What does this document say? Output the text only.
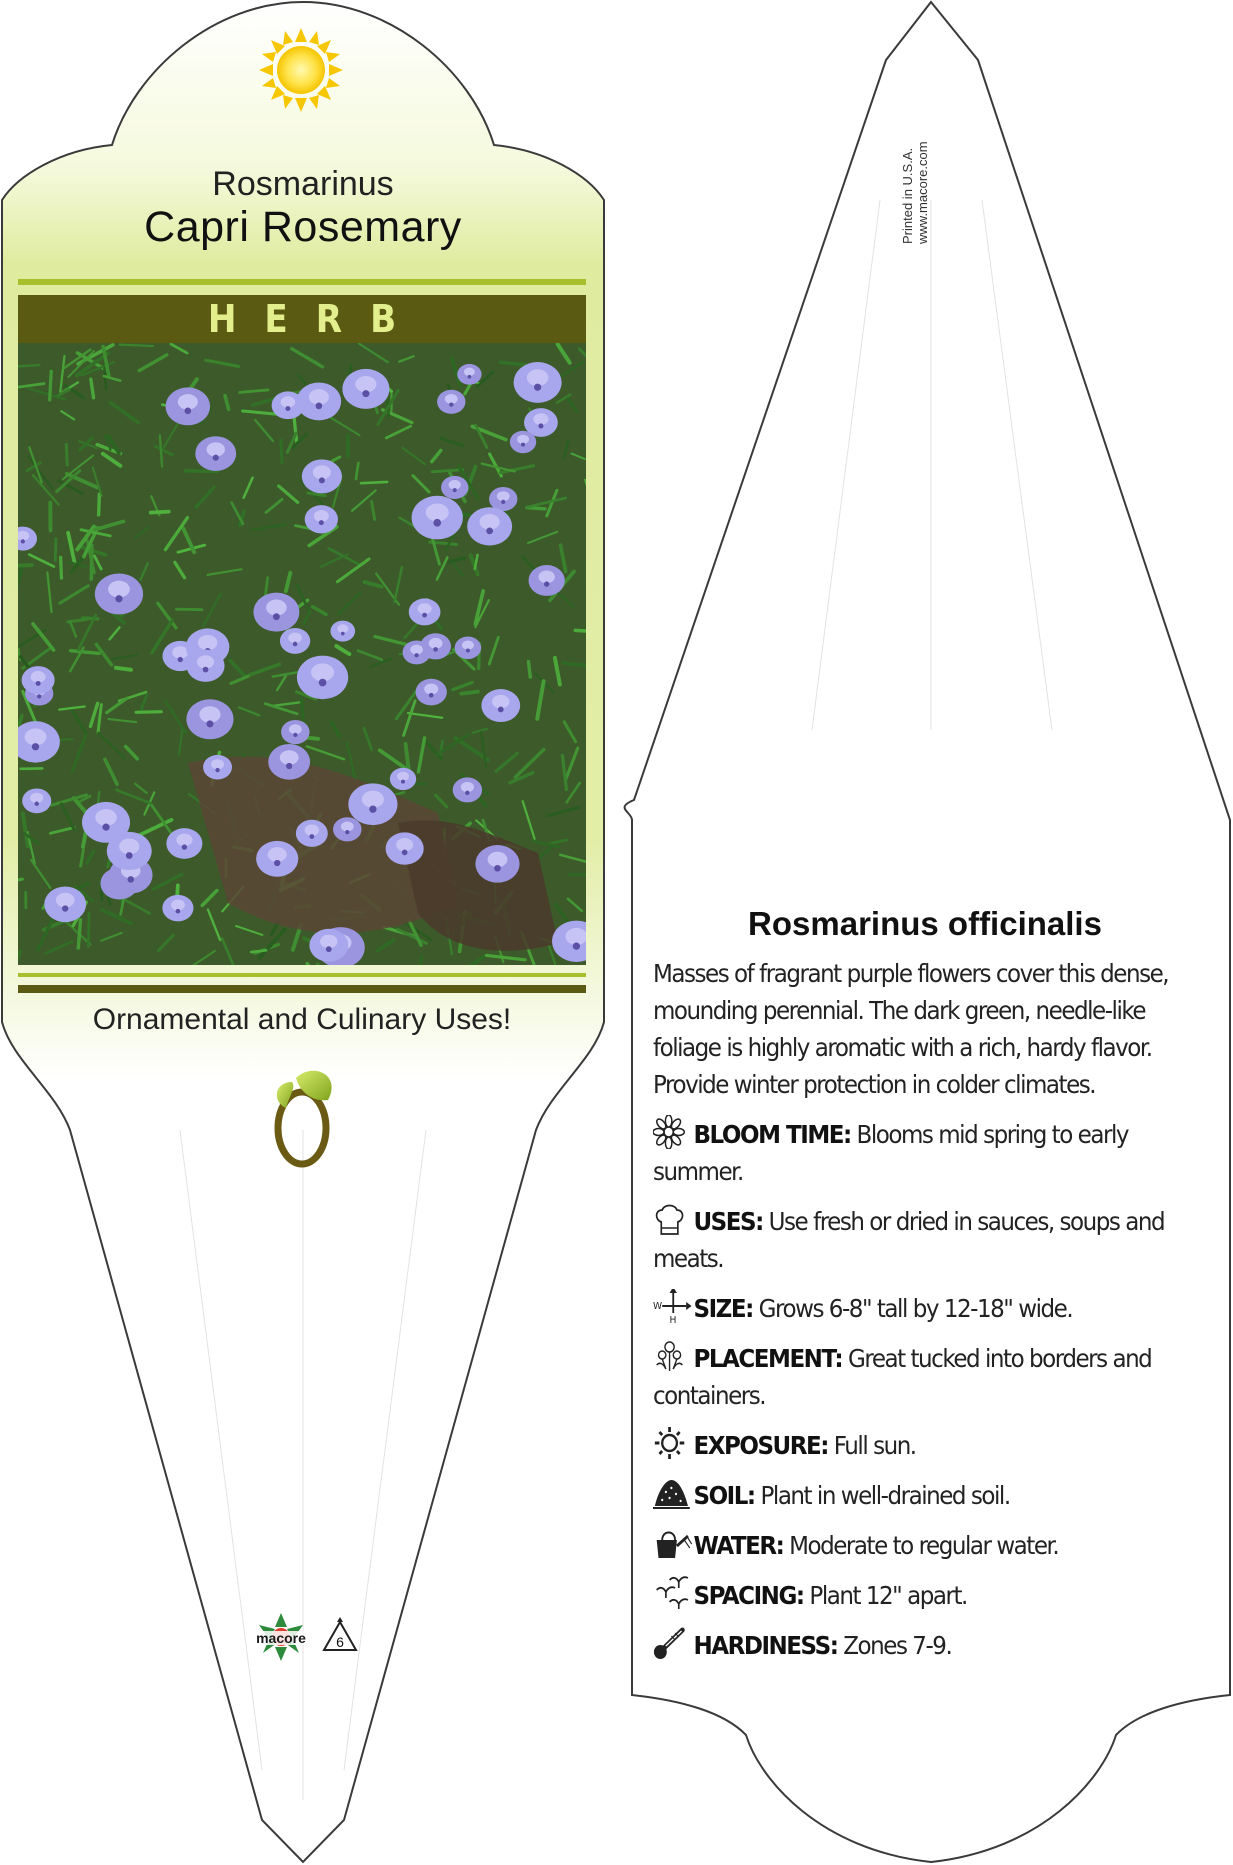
macore 6
Rosmarinus
Capri Rosemary
HERB
Ornamental and Culinary Uses!
Printed in U.S.A. www.macore.com
Rosmarinus officinalis
Masses of fragrant purple flowers cover this dense, mounding perennial. The dark green, needle-like foliage is highly aromatic with a rich, hardy flavor. Provide winter protection in colder climates.
BLOOM TIME: Blooms mid spring to early summer.
USES: Use fresh or dried in sauces, soups and meats.
W
H SIZE: Grows 6-8" tall by 12-18" wide.
PLACEMENT: Great tucked into borders and containers.
EXPOSURE: Full sun.
SOIL: Plant in well-drained soil.
WATER: Moderate to regular water.
SPACING: Plant 12" apart.
HARDINESS: Zones 7-9.
